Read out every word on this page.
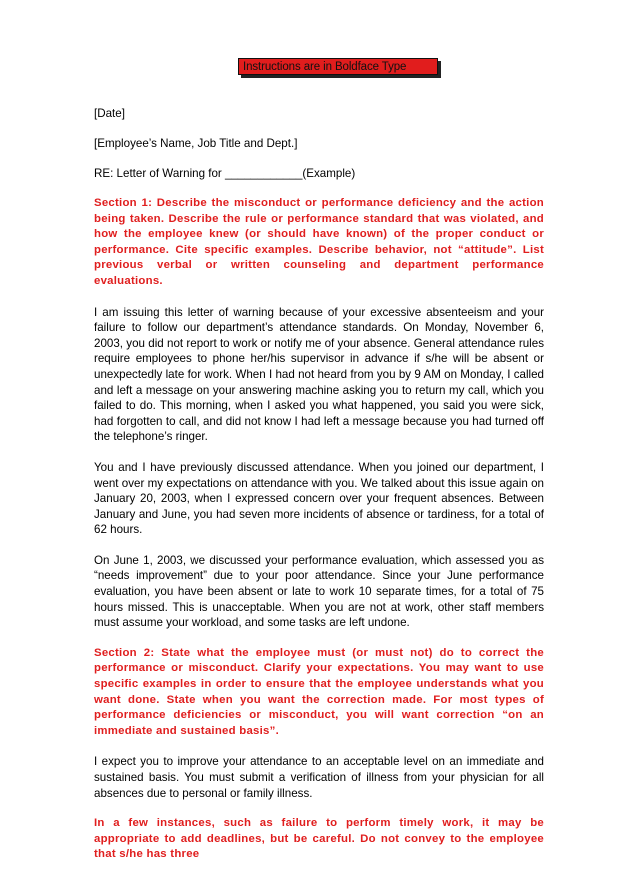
Instructions are in Boldface Type
[Date]
[Employee’s Name, Job Title and Dept.]
RE: Letter of Warning for ____________(Example)
Section 1: Describe the misconduct or performance deficiency and the action being taken. Describe the rule or performance standard that was violated, and how the employee knew (or should have known) of the proper conduct or performance. Cite specific examples. Describe behavior, not “attitude”. List previous verbal or written counseling and department performance evaluations.
I am issuing this letter of warning because of your excessive absenteeism and your failure to follow our department’s attendance standards. On Monday, November 6, 2003, you did not report to work or notify me of your absence. General attendance rules require employees to phone her/his supervisor in advance if s/he will be absent or unexpectedly late for work. When I had not heard from you by 9 AM on Monday, I called and left a message on your answering machine asking you to return my call, which you failed to do. This morning, when I asked you what happened, you said you were sick, had forgotten to call, and did not know I had left a message because you had turned off the telephone’s ringer.
You and I have previously discussed attendance. When you joined our department, I went over my expectations on attendance with you. We talked about this issue again on January 20, 2003, when I expressed concern over your frequent absences. Between January and June, you had seven more incidents of absence or tardiness, for a total of 62 hours.
On June 1, 2003, we discussed your performance evaluation, which assessed you as “needs improvement” due to your poor attendance. Since your June performance evaluation, you have been absent or late to work 10 separate times, for a total of 75 hours missed. This is unacceptable. When you are not at work, other staff members must assume your workload, and some tasks are left undone.
Section 2: State what the employee must (or must not) do to correct the performance or misconduct. Clarify your expectations. You may want to use specific examples in order to ensure that the employee understands what you want done. State when you want the correction made. For most types of performance deficiencies or misconduct, you will want correction “on an immediate and sustained basis”.
I expect you to improve your attendance to an acceptable level on an immediate and sustained basis. You must submit a verification of illness from your physician for all absences due to personal or family illness.
In a few instances, such as failure to perform timely work, it may be appropriate to add deadlines, but be careful. Do not convey to the employee that s/he has three
